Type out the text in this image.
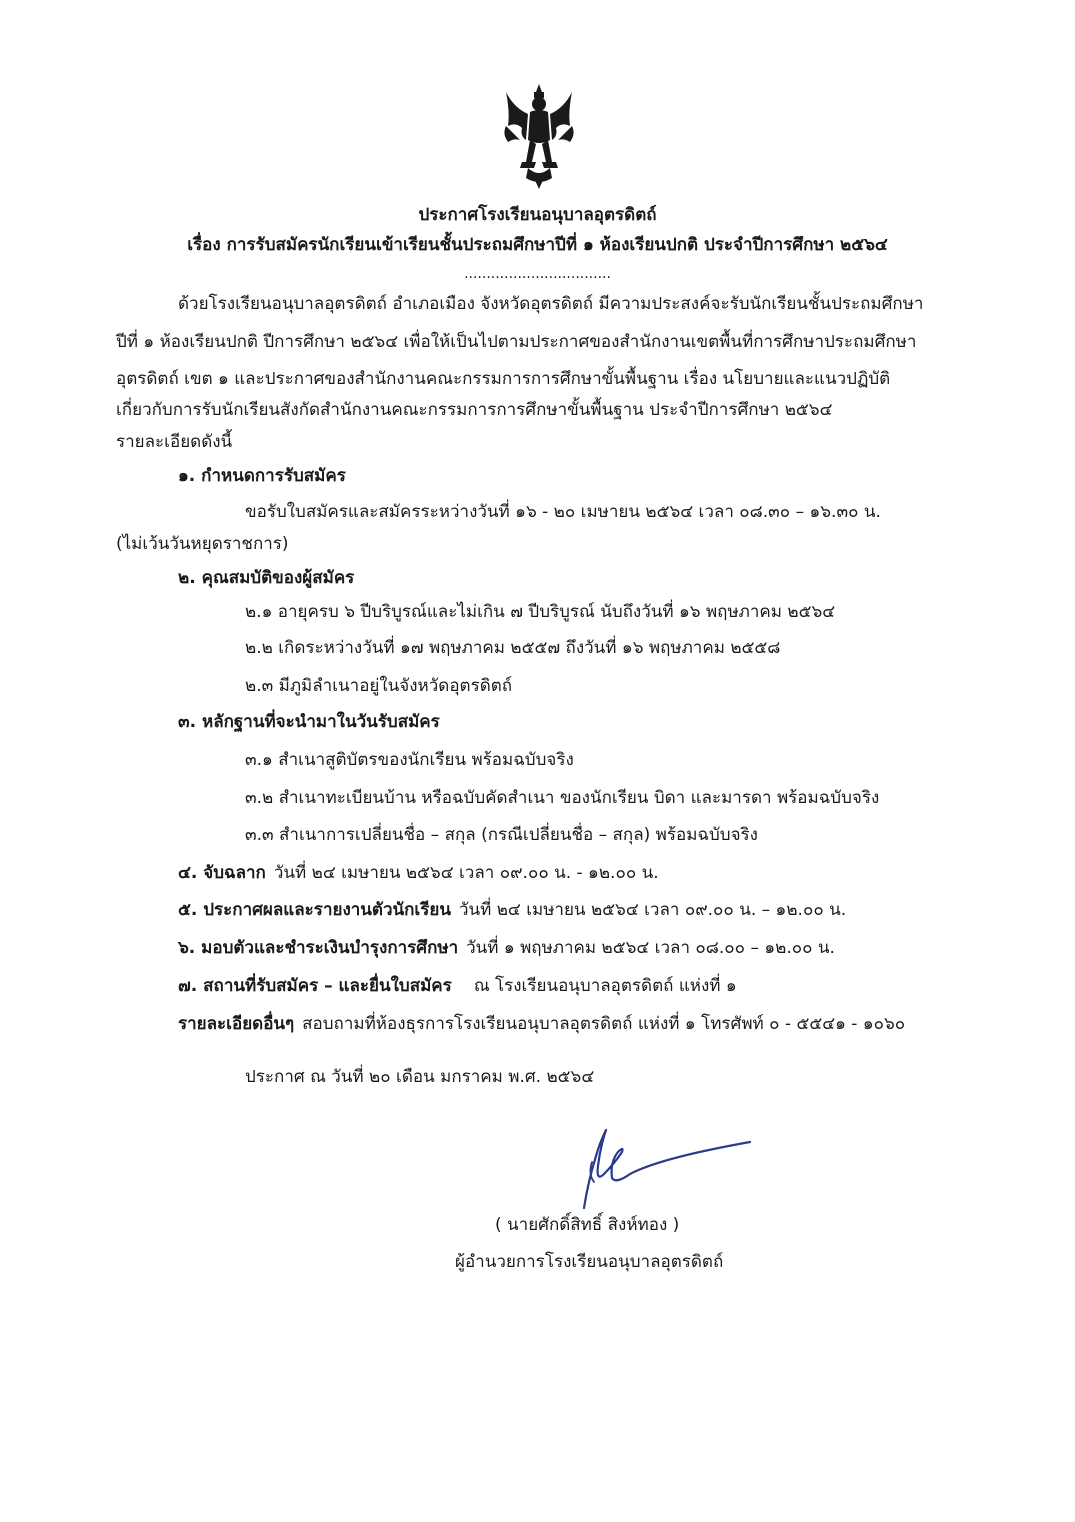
ประกาศโรงเรียนอนุบาลอุตรดิตถ์
เรื่อง การรับสมัครนักเรียนเข้าเรียนชั้นประถมศึกษาปีที่ ๑ ห้องเรียนปกติ ประจำปีการศึกษา ๒๕๖๔
.................................
ด้วยโรงเรียนอนุบาลอุตรดิตถ์ อำเภอเมือง จังหวัดอุตรดิตถ์ มีความประสงค์จะรับนักเรียนชั้นประถมศึกษา
ปีที่ ๑ ห้องเรียนปกติ ปีการศึกษา ๒๕๖๔ เพื่อให้เป็นไปตามประกาศของสำนักงานเขตพื้นที่การศึกษาประถมศึกษา
อุตรดิตถ์ เขต ๑ และประกาศของสำนักงานคณะกรรมการการศึกษาขั้นพื้นฐาน เรื่อง นโยบายและแนวปฏิบัติ
เกี่ยวกับการรับนักเรียนสังกัดสำนักงานคณะกรรมการการศึกษาขั้นพื้นฐาน ประจำปีการศึกษา ๒๕๖๔
รายละเอียดดังนี้
๑. กำหนดการรับสมัคร
ขอรับใบสมัครและสมัครระหว่างวันที่ ๑๖ - ๒๐ เมษายน ๒๕๖๔ เวลา ๐๘.๓๐ – ๑๖.๓๐ น.
(ไม่เว้นวันหยุดราชการ)
๒. คุณสมบัติของผู้สมัคร
๒.๑ อายุครบ ๖ ปีบริบูรณ์และไม่เกิน ๗ ปีบริบูรณ์ นับถึงวันที่ ๑๖ พฤษภาคม ๒๕๖๔
๒.๒ เกิดระหว่างวันที่ ๑๗ พฤษภาคม ๒๕๕๗ ถึงวันที่ ๑๖ พฤษภาคม ๒๕๕๘
๒.๓ มีภูมิลำเนาอยู่ในจังหวัดอุตรดิตถ์
๓. หลักฐานที่จะนำมาในวันรับสมัคร
๓.๑ สำเนาสูติบัตรของนักเรียน พร้อมฉบับจริง
๓.๒ สำเนาทะเบียนบ้าน หรือฉบับคัดสำเนา ของนักเรียน บิดา และมารดา พร้อมฉบับจริง
๓.๓ สำเนาการเปลี่ยนชื่อ – สกุล (กรณีเปลี่ยนชื่อ – สกุล) พร้อมฉบับจริง
๔. จับฉลาก วันที่ ๒๔ เมษายน ๒๕๖๔ เวลา ๐๙.๐๐ น. - ๑๒.๐๐ น.
๕. ประกาศผลและรายงานตัวนักเรียน วันที่ ๒๔ เมษายน ๒๕๖๔ เวลา ๐๙.๐๐ น. – ๑๒.๐๐ น.
๖. มอบตัวและชำระเงินบำรุงการศึกษา วันที่ ๑ พฤษภาคม ๒๕๖๔ เวลา ๐๘.๐๐ – ๑๒.๐๐ น.
๗. สถานที่รับสมัคร – และยื่นใบสมัคร ณ โรงเรียนอนุบาลอุตรดิตถ์ แห่งที่ ๑
รายละเอียดอื่นๆ สอบถามที่ห้องธุรการโรงเรียนอนุบาลอุตรดิตถ์ แห่งที่ ๑ โทรศัพท์ ๐ - ๕๕๔๑ - ๑๐๖๐
ประกาศ ณ วันที่ ๒๐ เดือน มกราคม พ.ศ. ๒๕๖๔
( นายศักดิ์สิทธิ์ สิงห์ทอง )
ผู้อำนวยการโรงเรียนอนุบาลอุตรดิตถ์
